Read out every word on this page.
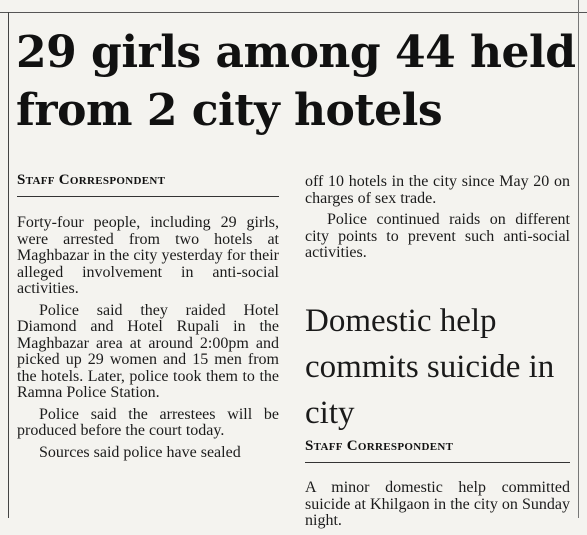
29 girls among 44 held from 2 city hotels
Staff Correspondent

Forty-four people, including 29 girls, were arrested from two hotels at Maghbazar in the city yesterday for their alleged involvement in anti-social activities.

Police said they raided Hotel Diamond and Hotel Rupali in the Maghbazar area at around 2:00pm and picked up 29 women and 15 men from the hotels. Later, police took them to the Ramna Police Station.

Police said the arrestees will be produced before the court today.

Sources said police have sealed

off 10 hotels in the city since May 20 on charges of sex trade.

Police continued raids on different city points to prevent such anti-social activities.

Domestic help commits suicide in city
Staff Correspondent

A minor domestic help committed suicide at Khilgaon in the city on Sunday night.
